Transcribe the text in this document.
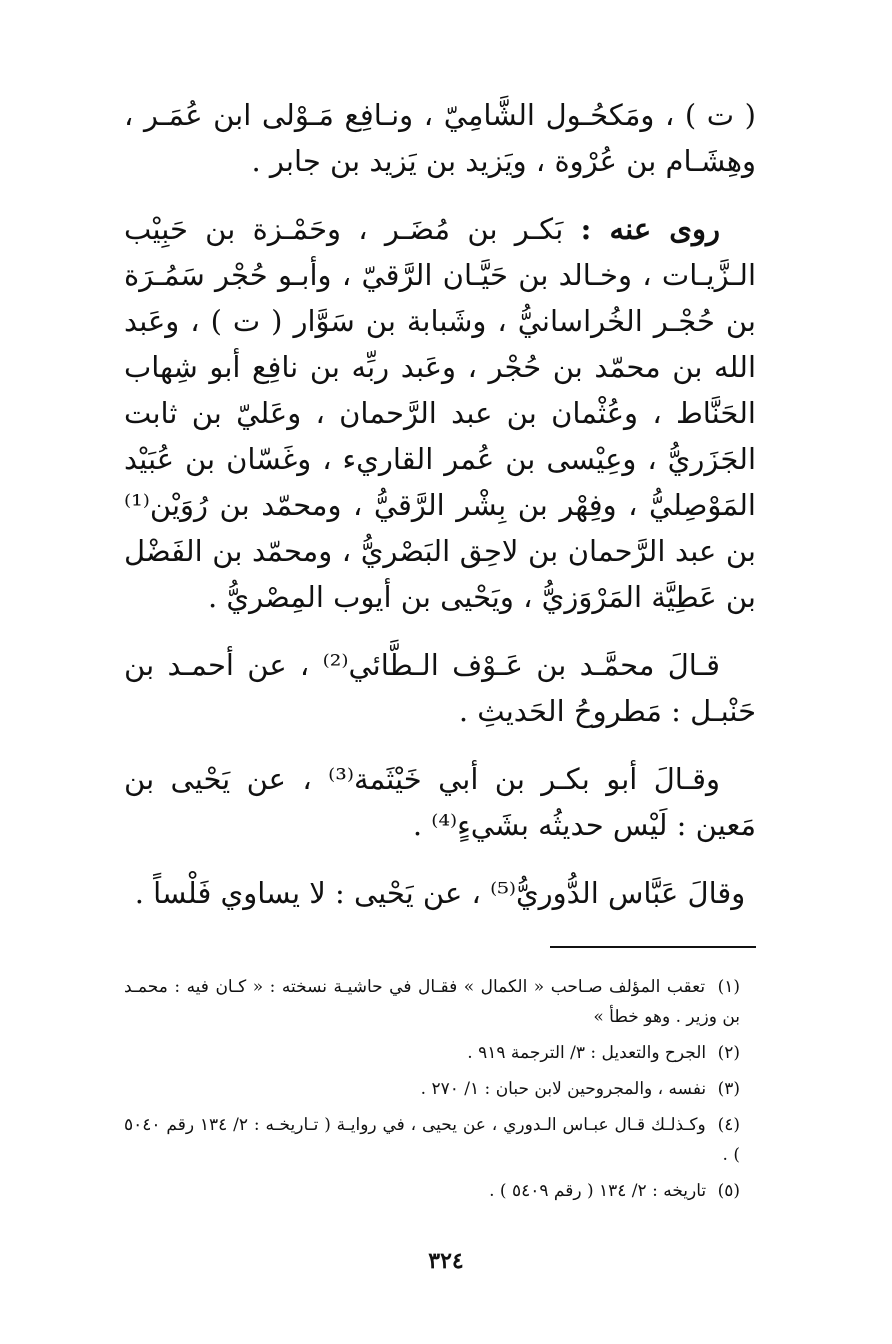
( ت ) ، ومَكحُـول الشَّامِيّ ، ونـافِع مَـوْلى ابن عُمَـر ، وهِشَـام بن عُرْوة ، ويَزيد بن يَزيد بن جابر .

روى عنه : بَكـر بن مُضَـر ، وحَمْـزة بن حَبِيْب الـزَّيـات ، وخـالد بن حَيَّـان الرَّقيّ ، وأبـو حُجْر سَمُـرَة بن حُجْـر الخُراسانيُّ ، وشَبابة بن سَوَّار ( ت ) ، وعَبد الله بن محمّد بن حُجْر ، وعَبد ربِّه بن نافِع أبو شِهاب الحَنَّاط ، وعُثْمان بن عبد الرَّحمان ، وعَليّ بن ثابت الجَزَريُّ ، وعِيْسى بن عُمر القاريء ، وغَسّان بن عُبَيْد المَوْصِليُّ ، وفِهْر بن بِشْر الرَّقيُّ ، ومحمّد بن رُوَيْن⁽¹⁾ بن عبد الرَّحمان بن لاحِق البَصْريُّ ، ومحمّد بن الفَضْل بن عَطِيَّة المَرْوَزيُّ ، ويَحْيى بن أيوب المِصْريُّ .

قـالَ محمَّـد بن عَـوْف الـطَّائي⁽²⁾ ، عن أحمـد بن حَنْبـل : مَطروحُ الحَديثِ .

وقـالَ أبو بكـر بن أبي خَيْثَمة⁽³⁾ ، عن يَحْيى بن مَعين : لَيْس حديثُه بشَيءٍ⁽⁴⁾ .

وقالَ عَبَّاس الدُّوريُّ⁽⁵⁾ ، عن يَحْيى : لا يساوي فَلْساً .

(١) تعقب المؤلف صـاحب « الكمال » فقـال في حاشيـة نسخته : « كـان فيه : محمـد بن وزير . وهو خطأ »

(٢) الجرح والتعديل : ٣/ الترجمة ٩١٩ .

(٣) نفسه ، والمجروحين لابن حبان : ١/ ٢٧٠ .

(٤) وكـذلـك قـال عبـاس الـدوري ، عن يحيى ، في روايـة ( تـاريخـه : ٢/ ١٣٤ رقم ٥٠٤٠ ) .

(٥) تاريخه : ٢/ ١٣٤ ( رقم ٥٤٠٩ ) .

٣٢٤
